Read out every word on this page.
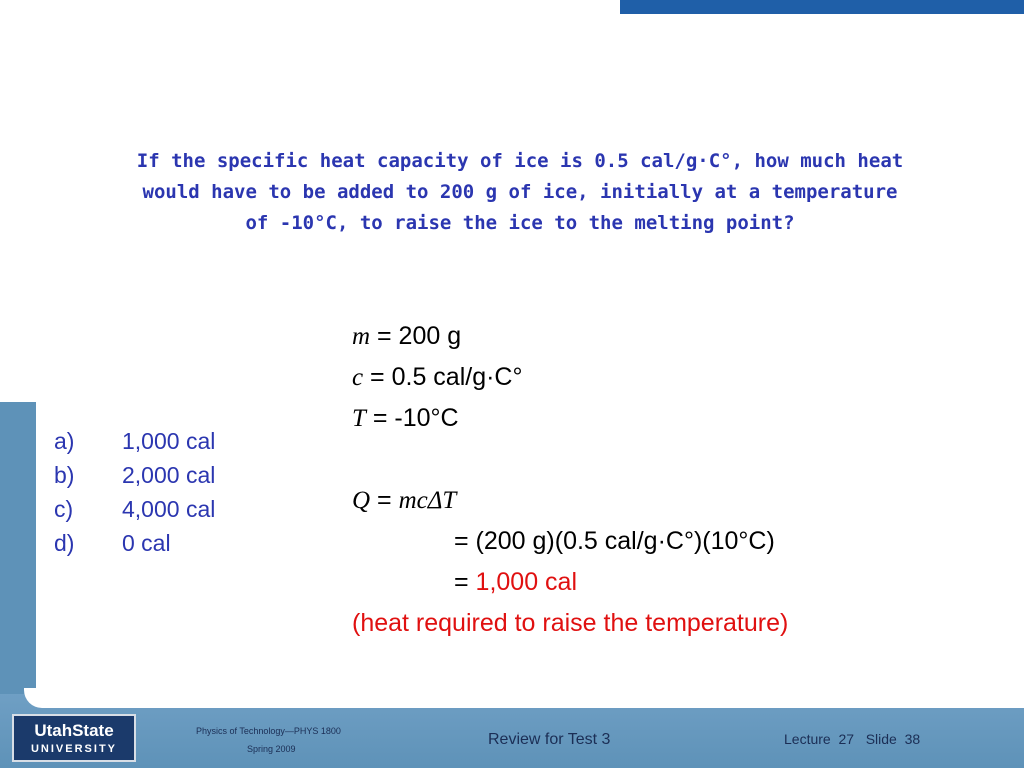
If the specific heat capacity of ice is 0.5 cal/g·C°, how much heat
would have to be added to 200 g of ice, initially at a temperature
of -10°C, to raise the ice to the melting point?
a)	1,000 cal
b)	2,000 cal
c)	4,000 cal
d)	0 cal
m = 200 g
c = 0.5 cal/g·C°
T = -10°C
Q = mcΔT
= (200 g)(0.5 cal/g·C°)(10°C)
= 1,000 cal
(heat required to raise the temperature)
UtahState
UNIVERSITY
Physics of Technology—PHYS 1800
Spring 2009
Review for Test 3	Lecture  27   Slide  38
